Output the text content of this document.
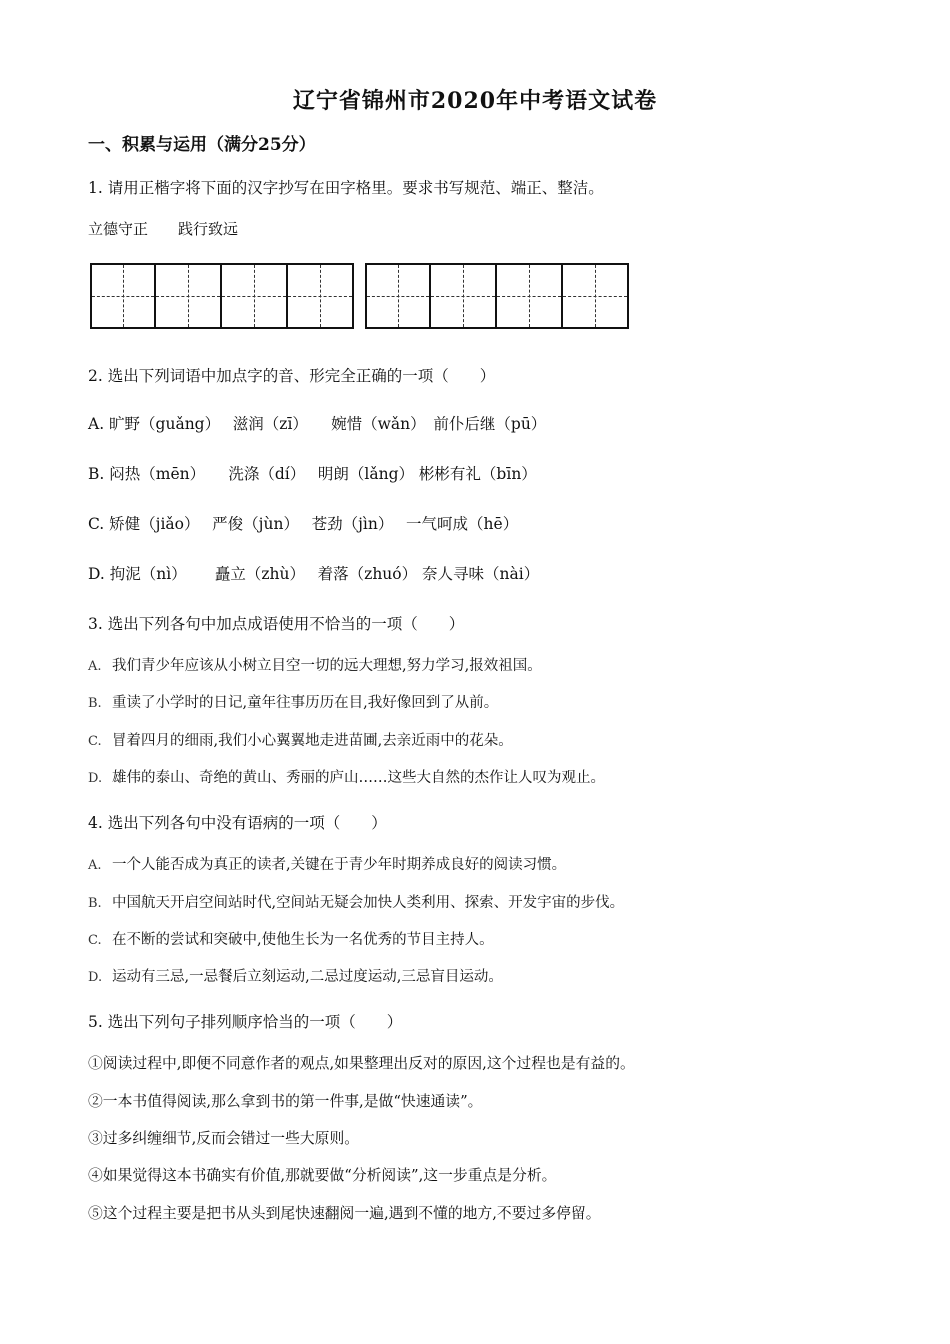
辽宁省锦州市2020年中考语文试卷
一、积累与运用（满分25分）
1. 请用正楷字将下面的汉字抄写在田字格里。要求书写规范、端正、整洁。
立德守正　　践行致远
2. 选出下列词语中加点字的音、形完全正确的一项（　　）
A. 旷野（guǎng）　 滋润（zī）　　婉惜（wǎn）　前仆后继（pū）
B. 闷热（mēn）　　洗涤（dí）　 明朗（lǎng） 彬彬有礼（bīn）
C. 矫健（jiǎo）　 严俊（jùn）　 苍劲（jìn）　 一气呵成（hē）
D. 拘泥（nì）　　 矗立（zhù）　 着落（zhuó） 奈人寻味（nài）
3. 选出下列各句中加点成语使用不恰当的一项（　　）
A. 我们青少年应该从小树立目空一切的远大理想,努力学习,报效祖国。
B. 重读了小学时的日记,童年往事历历在目,我好像回到了从前。
C. 冒着四月的细雨,我们小心翼翼地走进苗圃,去亲近雨中的花朵。
D. 雄伟的泰山、奇绝的黄山、秀丽的庐山……这些大自然的杰作让人叹为观止。
4. 选出下列各句中没有语病的一项（　　）
A. 一个人能否成为真正的读者,关键在于青少年时期养成良好的阅读习惯。
B. 中国航天开启空间站时代,空间站无疑会加快人类利用、探索、开发宇宙的步伐。
C. 在不断的尝试和突破中,使他生长为一名优秀的节目主持人。
D. 运动有三忌,一忌餐后立刻运动,二忌过度运动,三忌盲目运动。
5. 选出下列句子排列顺序恰当的一项（　　）
①阅读过程中,即便不同意作者的观点,如果整理出反对的原因,这个过程也是有益的。
②一本书值得阅读,那么拿到书的第一件事,是做“快速通读”。
③过多纠缠细节,反而会错过一些大原则。
④如果觉得这本书确实有价值,那就要做“分析阅读”,这一步重点是分析。
⑤这个过程主要是把书从头到尾快速翻阅一遍,遇到不懂的地方,不要过多停留。
